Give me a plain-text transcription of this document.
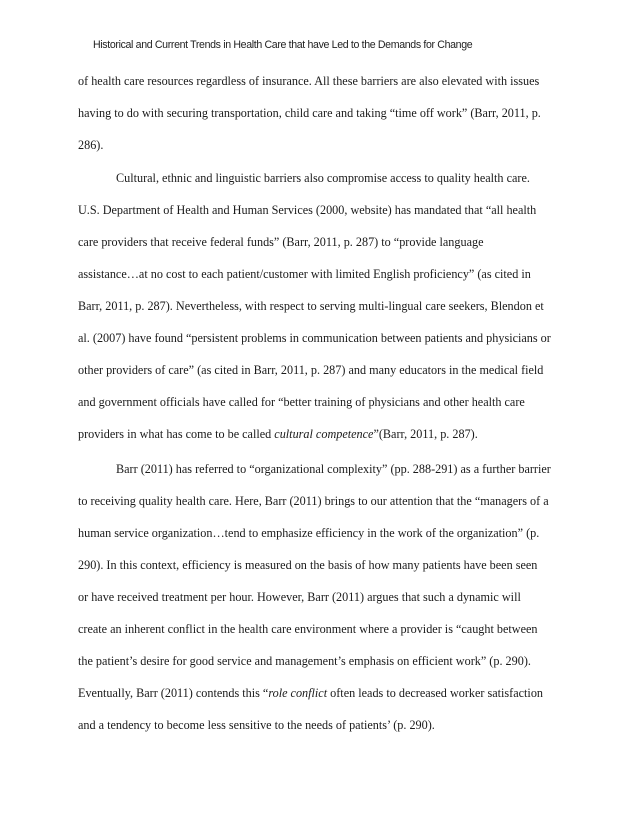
Historical and Current Trends in Health Care that have Led to the Demands for Change
of health care resources regardless of insurance. All these barriers are also elevated with issues
having to do with securing transportation, child care and taking “time off work” (Barr, 2011, p.
286).
Cultural, ethnic and linguistic barriers also compromise access to quality health care.
U.S. Department of Health and Human Services (2000, website) has mandated that “all health
care providers that receive federal funds” (Barr, 2011, p. 287) to “provide language
assistance…at no cost to each patient/customer with limited English proficiency” (as cited in
Barr, 2011, p. 287). Nevertheless, with respect to serving multi-lingual care seekers, Blendon et
al. (2007) have found “persistent problems in communication between patients and physicians or
other providers of care” (as cited in Barr, 2011, p. 287) and many educators in the medical field
and government officials have called for “better training of physicians and other health care
providers in what has come to be called cultural competence”(Barr, 2011, p. 287).
Barr (2011) has referred to “organizational complexity” (pp. 288-291) as a further barrier
to receiving quality health care. Here, Barr (2011) brings to our attention that the “managers of a
human service organization…tend to emphasize efficiency in the work of the organization” (p.
290). In this context, efficiency is measured on the basis of how many patients have been seen
or have received treatment per hour. However, Barr (2011) argues that such a dynamic will
create an inherent conflict in the health care environment where a provider is “caught between
the patient’s desire for good service and management’s emphasis on efficient work” (p. 290).
Eventually, Barr (2011) contends this “role conflict often leads to decreased worker satisfaction
and a tendency to become less sensitive to the needs of patients’ (p. 290).
